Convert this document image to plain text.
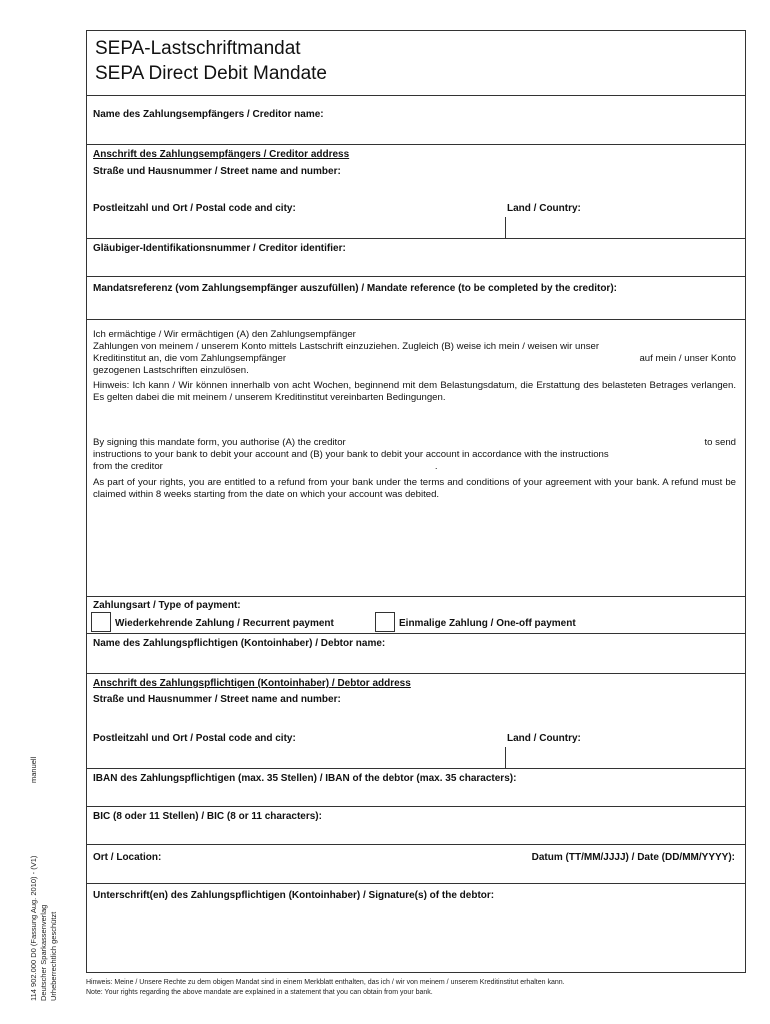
SEPA-Lastschriftmandat
SEPA Direct Debit Mandate
Name des Zahlungsempfängers / Creditor name:
Anschrift des Zahlungsempfängers / Creditor address
Straße und Hausnummer / Street name and number:
Postleitzahl und Ort / Postal code and city:	Land / Country:
Gläubiger-Identifikationsnummer / Creditor identifier:
Mandatsreferenz (vom Zahlungsempfänger auszufüllen) / Mandate reference (to be completed by the creditor):

Ich ermächtige / Wir ermächtigen (A) den Zahlungsempfänger

Zahlungen von meinem / unserem Konto mittels Lastschrift einzuziehen. Zugleich (B) weise ich mein / weisen wir unser

Kreditinstitut an, die vom Zahlungsempfänger	auf mein / unser Konto

gezogenen Lastschriften einzulösen.

Hinweis: Ich kann / Wir können innerhalb von acht Wochen, beginnend mit dem Belastungsdatum, die Erstattung des belasteten Betrages verlangen. Es gelten dabei die mit meinem / unserem Kreditinstitut vereinbarten Bedingungen.

By signing this mandate form, you authorise (A) the creditor	to send

instructions to your bank to debit your account and (B) your bank to debit your account in accordance with the instructions

from the creditor	.

As part of your rights, you are entitled to a refund from your bank under the terms and conditions of your agreement with your bank. A refund must be claimed within 8 weeks starting from the date on which your account was debited.

Zahlungsart / Type of payment:
Wiederkehrende Zahlung / Recurrent payment	Einmalige Zahlung / One-off payment
Name des Zahlungspflichtigen (Kontoinhaber) / Debtor name:
Anschrift des Zahlungspflichtigen (Kontoinhaber) / Debtor address
Straße und Hausnummer / Street name and number:
Postleitzahl und Ort / Postal code and city:	Land / Country:
IBAN des Zahlungspflichtigen (max. 35 Stellen) / IBAN of the debtor (max. 35 characters):
BIC (8 oder 11 Stellen) / BIC (8 or 11 characters):
Ort / Location:	Datum (TT/MM/JJJJ) / Date (DD/MM/YYYY):
Unterschrift(en) des Zahlungspflichtigen (Kontoinhaber) / Signature(s) of the debtor:
manuell
114 902.000 D0 (Fassung Aug. 2010) - (V1) Deutscher Sparkassenverlag Urheberrechtlich geschützt	Hinweis: Meine / Unsere Rechte zu dem obigen Mandat sind in einem Merkblatt enthalten, das ich / wir von meinem / unserem Kreditinstitut erhalten kann.
Note: Your rights regarding the above mandate are explained in a statement that you can obtain from your bank.
